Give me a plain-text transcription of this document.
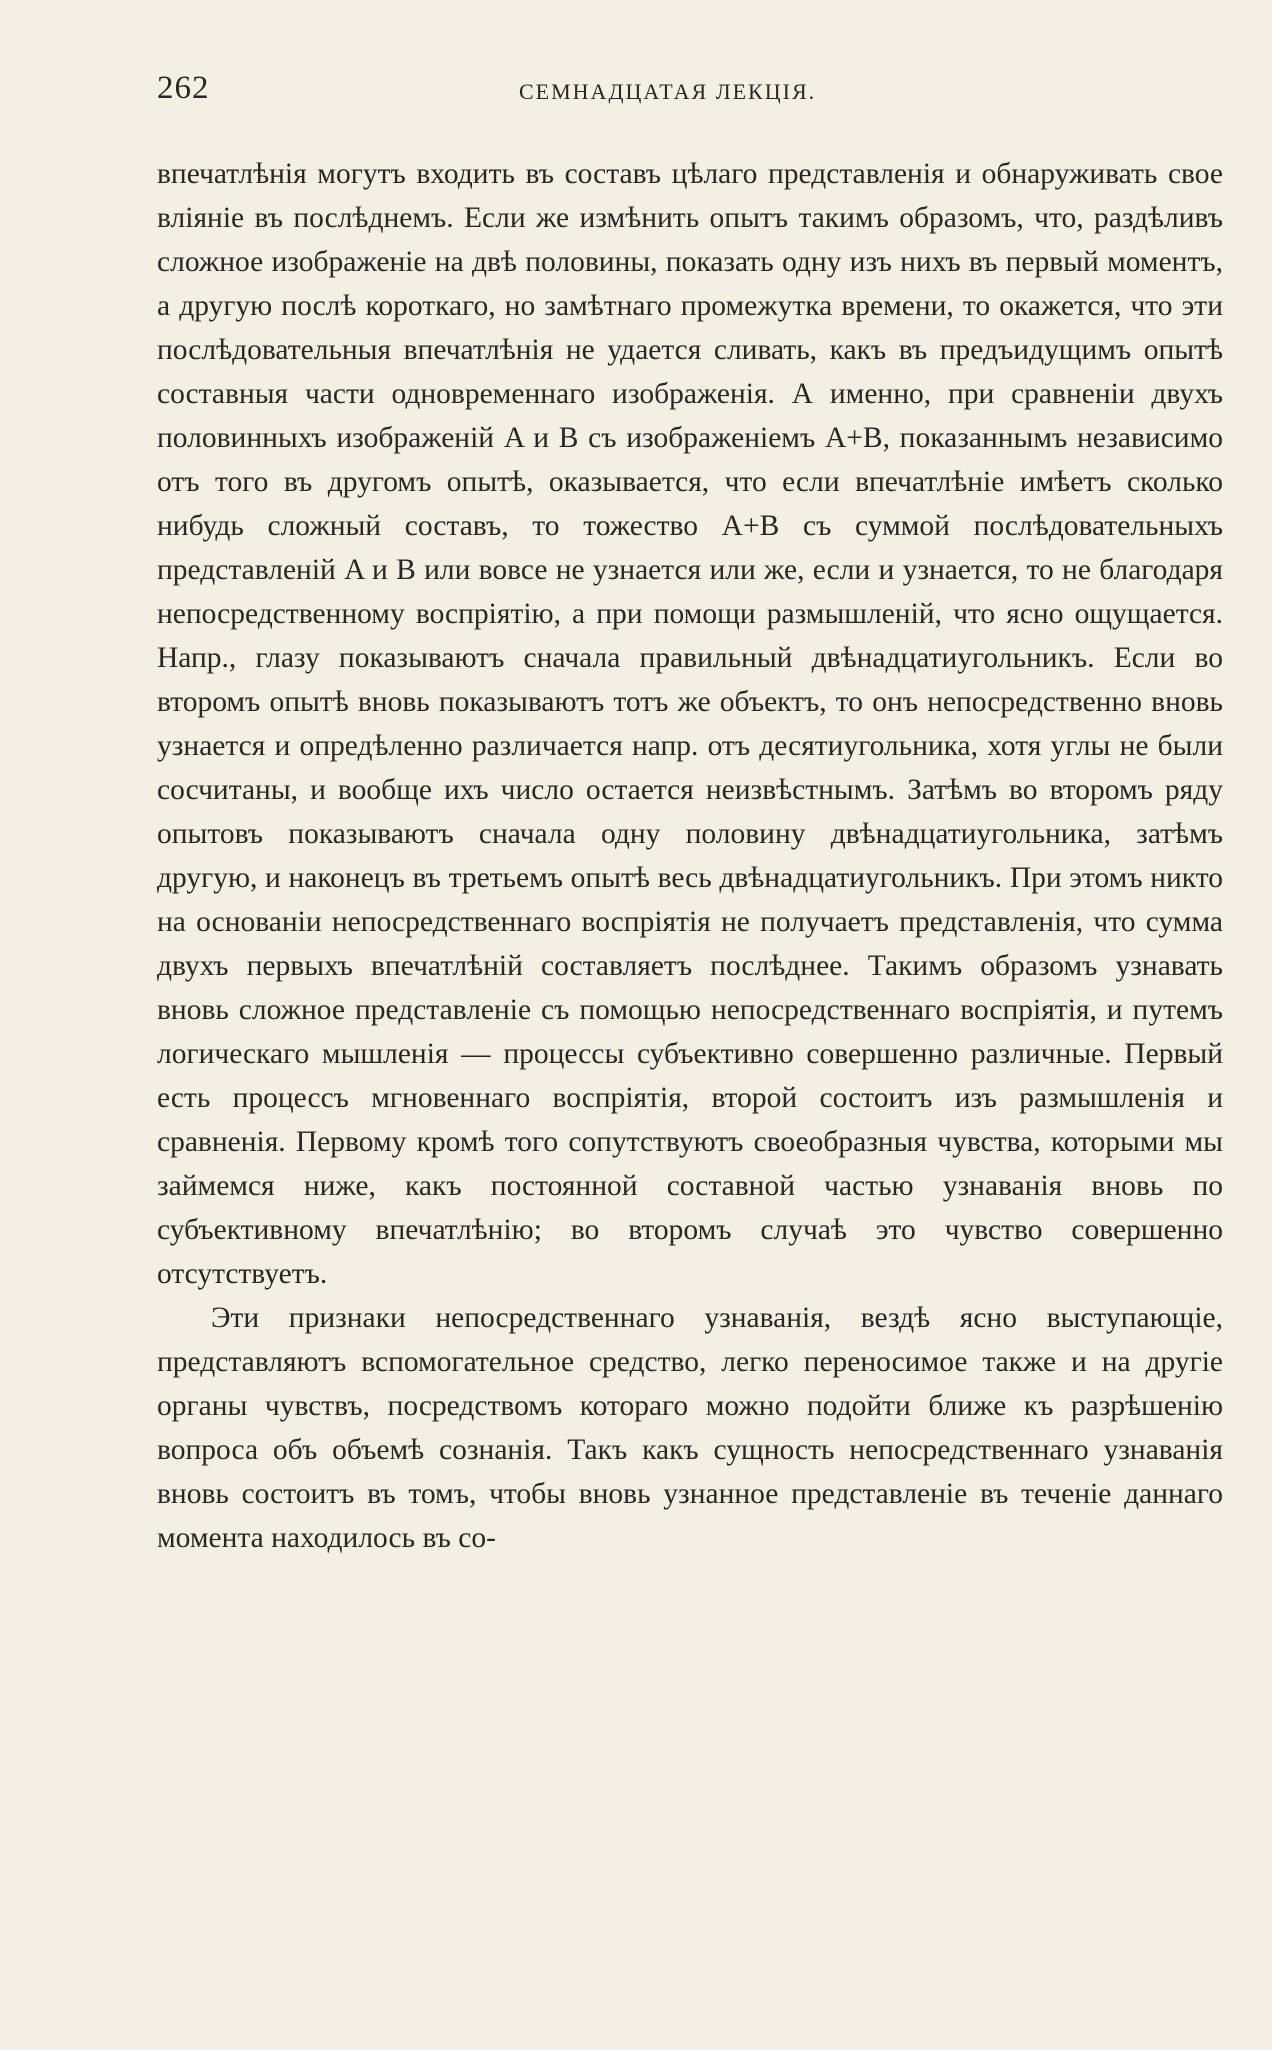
262	СЕМНАДЦАТАЯ ЛЕКЦІЯ.

впечатлѣнія могутъ входить въ составъ цѣлаго представленія и обнаруживать свое вліяніе въ послѣднемъ. Если же измѣнить опытъ такимъ образомъ, что, раздѣливъ сложное изображеніе на двѣ половины, показать одну изъ нихъ въ первый моментъ, а другую послѣ короткаго, но замѣтнаго промежутка времени, то окажется, что эти послѣдовательныя впечатлѣнія не удается сливать, какъ въ предъидущимъ опытѣ составныя части одновременнаго изображенія. А именно, при сравненіи двухъ половинныхъ изображеній A и B съ изображеніемъ A+B, показаннымъ независимо отъ того въ другомъ опытѣ, оказывается, что если впечатлѣніе имѣетъ сколько нибудь сложный составъ, то тожество A+B съ суммой послѣдовательныхъ представленій A и B или вовсе не узнается или же, если и узнается, то не благодаря непосредственному воспріятію, а при помощи размышленій, что ясно ощущается. Напр., глазу показываютъ сначала правильный двѣнадцатиугольникъ. Если во второмъ опытѣ вновь показываютъ тотъ же объектъ, то онъ непосредственно вновь узнается и опредѣленно различается напр. отъ десятиугольника, хотя углы не были сосчитаны, и вообще ихъ число остается неизвѣстнымъ. Затѣмъ во второмъ ряду опытовъ показываютъ сначала одну половину двѣнадцатиугольника, затѣмъ другую, и наконецъ въ третьемъ опытѣ весь двѣнадцатиугольникъ. При этомъ никто на основаніи непосредственнаго воспріятія не получаетъ представленія, что сумма двухъ первыхъ впечатлѣній составляетъ послѣднее. Такимъ образомъ узнавать вновь сложное представленіе съ помощью непосредственнаго воспріятія, и путемъ логическаго мышленія — процессы субъективно совершенно различные. Первый есть процессъ мгновеннаго воспріятія, второй состоитъ изъ размышленія и сравненія. Первому кромѣ того сопутствуютъ своеобразныя чувства, которыми мы займемся ниже, какъ постоянной составной частью узнаванія вновь по субъективному впечатлѣнію; во второмъ случаѣ это чувство совершенно отсутствуетъ.

Эти признаки непосредственнаго узнаванія, вездѣ ясно выступающіе, представляютъ вспомогательное средство, легко переносимое также и на другіе органы чувствъ, посредствомъ котораго можно подойти ближе къ разрѣшенію вопроса объ объемѣ сознанія. Такъ какъ сущность непосредственнаго узнаванія вновь состоитъ въ томъ, чтобы вновь узнанное представленіе въ теченіе даннаго момента находилось въ со-
